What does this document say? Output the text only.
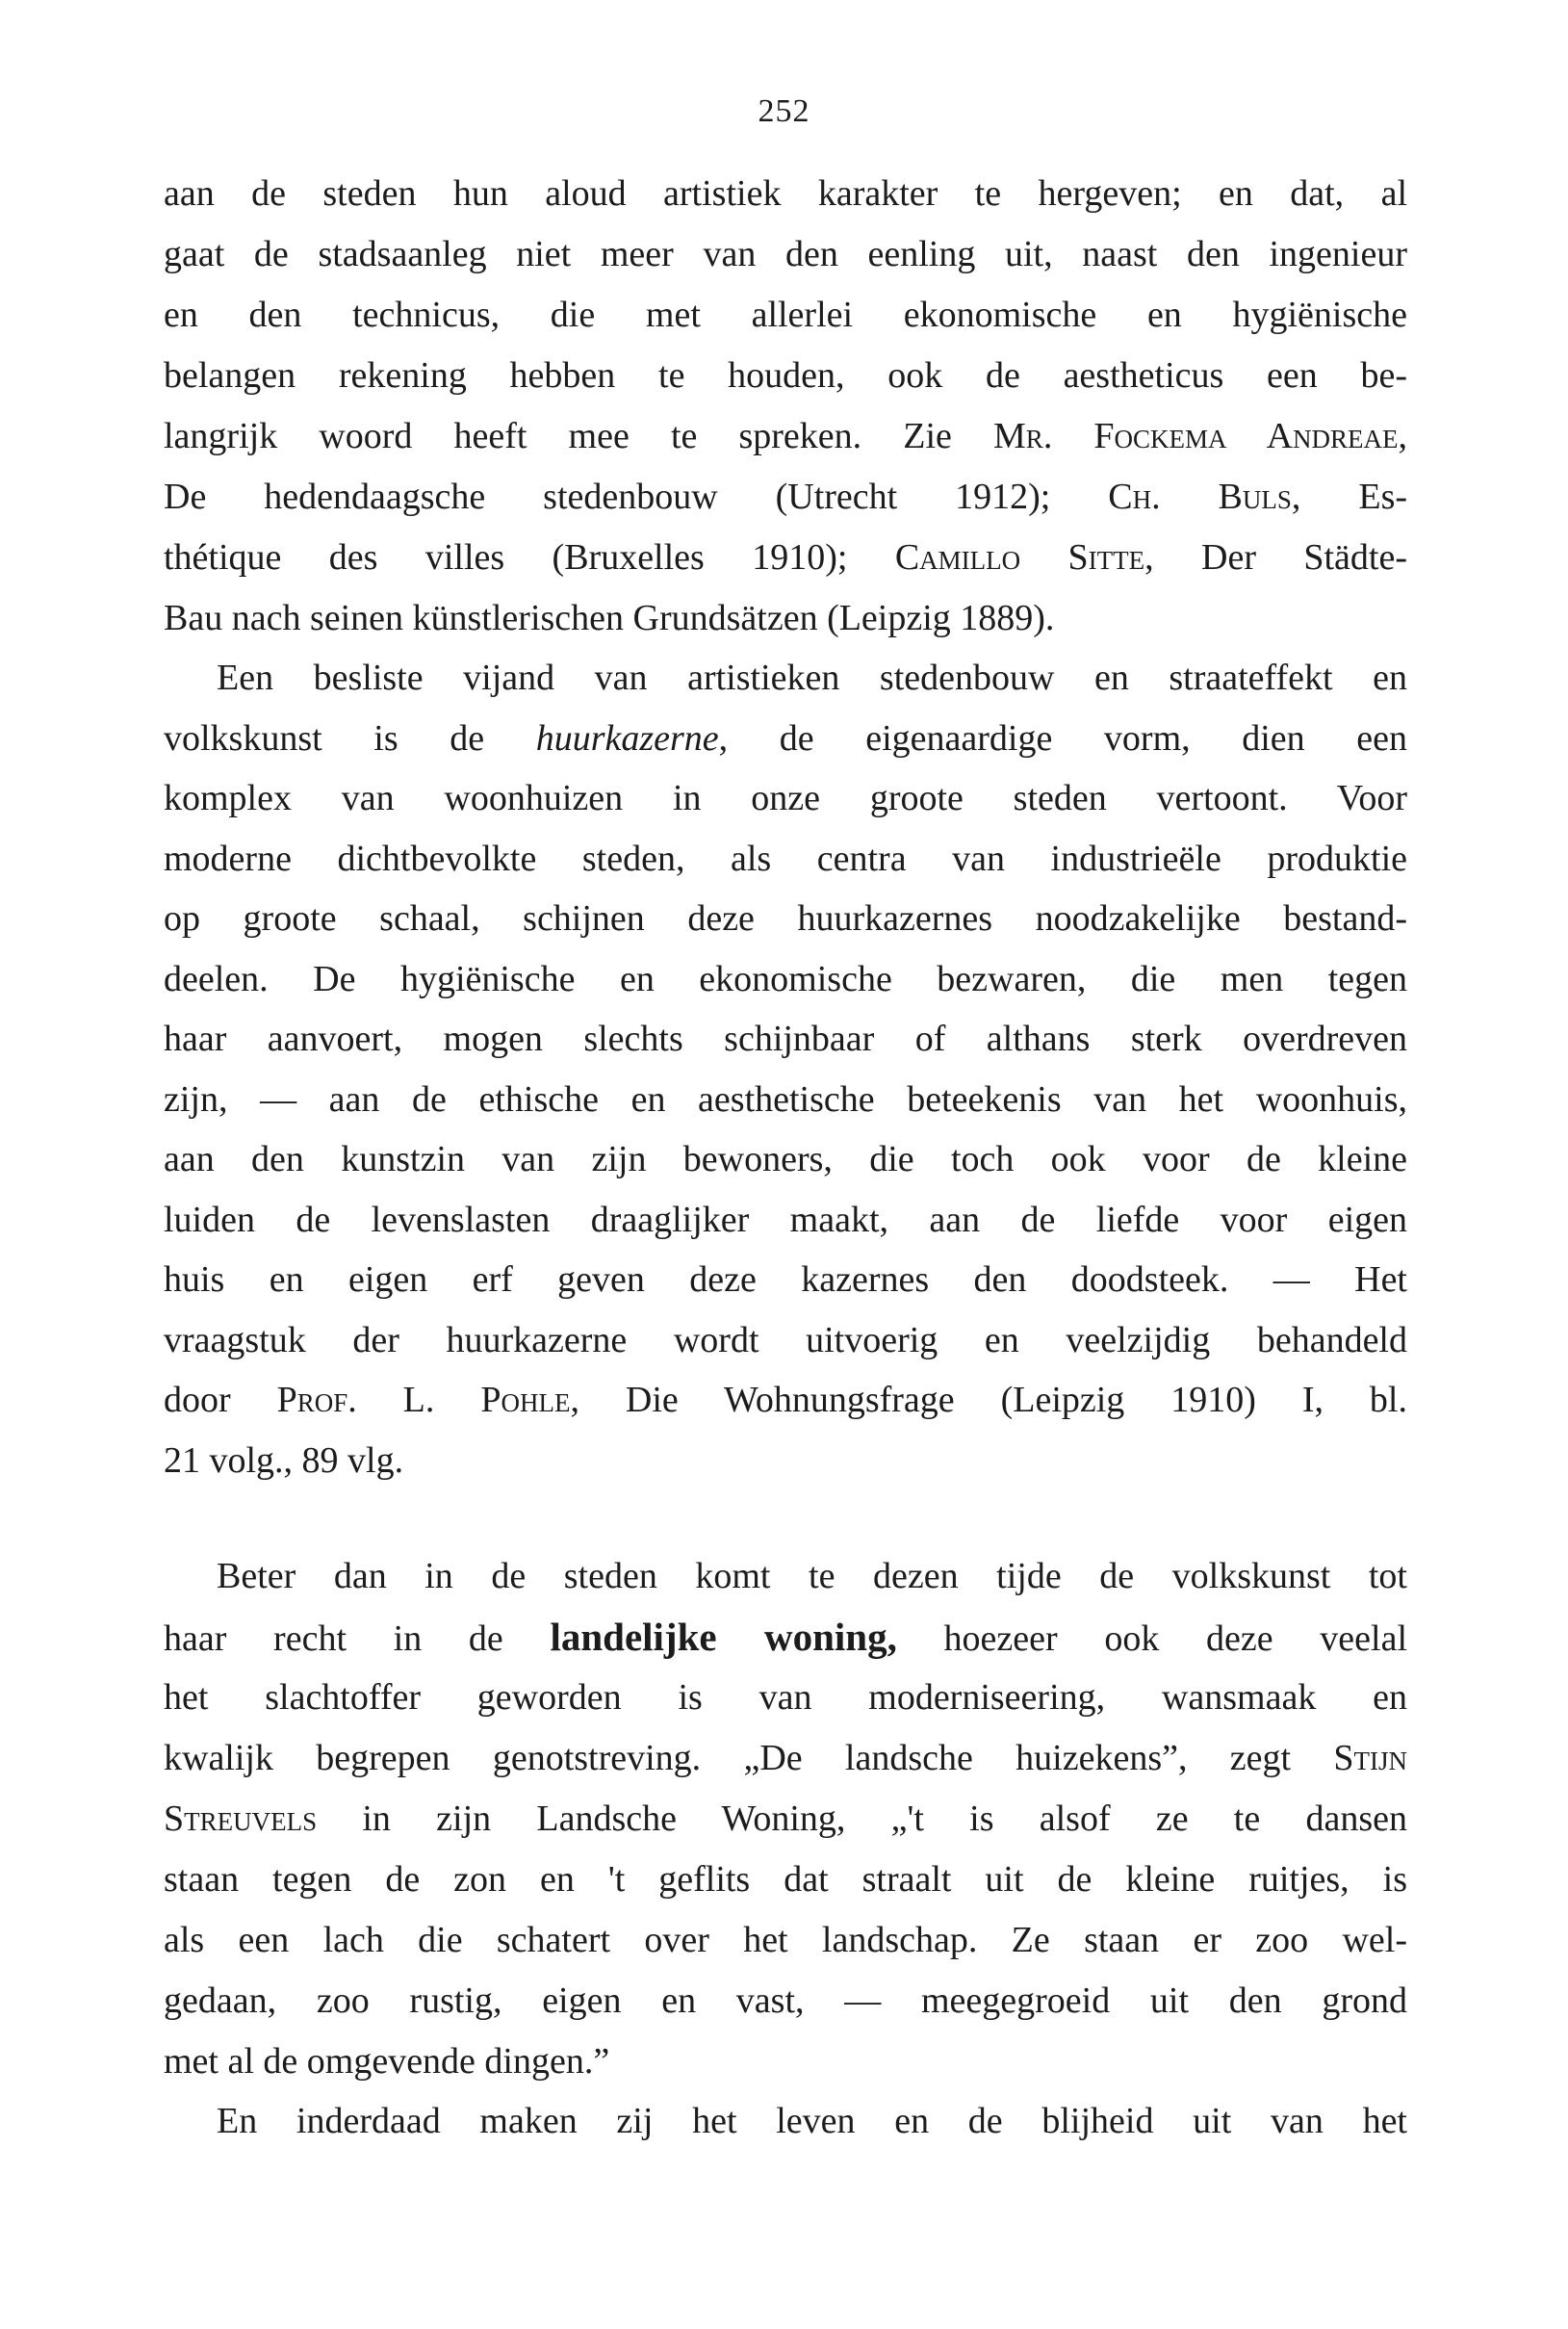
252
aan de steden hun aloud artistiek karakter te hergeven; en dat, al
gaat de stadsaanleg niet meer van den eenling uit, naast den ingenieur
en den technicus, die met allerlei ekonomische en hygiënische
belangen rekening hebben te houden, ook de aestheticus een be-
langrijk woord heeft mee te spreken. Zie Mr. Fockema Andreae,
De hedendaagsche stedenbouw (Utrecht 1912); Ch. Buls, Es-
thétique des villes (Bruxelles 1910); Camillo Sitte, Der Städte-
Bau nach seinen künstlerischen Grundsätzen (Leipzig 1889).
Een besliste vijand van artistieken stedenbouw en straateffekt en
volkskunst is de huurkazerne, de eigenaardige vorm, dien een
komplex van woonhuizen in onze groote steden vertoont. Voor
moderne dichtbevolkte steden, als centra van industrieële produktie
op groote schaal, schijnen deze huurkazernes noodzakelijke bestand-
deelen. De hygiënische en ekonomische bezwaren, die men tegen
haar aanvoert, mogen slechts schijnbaar of althans sterk overdreven
zijn, — aan de ethische en aesthetische beteekenis van het woonhuis,
aan den kunstzin van zijn bewoners, die toch ook voor de kleine
luiden de levenslasten draaglijker maakt, aan de liefde voor eigen
huis en eigen erf geven deze kazernes den doodsteek. — Het
vraagstuk der huurkazerne wordt uitvoerig en veelzijdig behandeld
door Prof. L. Pohle, Die Wohnungsfrage (Leipzig 1910) I, bl.
21 volg., 89 vlg.
Beter dan in de steden komt te dezen tijde de volkskunst tot
haar recht in de landelijke woning, hoezeer ook deze veelal
het slachtoffer geworden is van moderniseering, wansmaak en
kwalijk begrepen genotstreving. „De landsche huizekens”, zegt Stijn
Streuvels in zijn Landsche Woning, „'t is alsof ze te dansen
staan tegen de zon en 't geflits dat straalt uit de kleine ruitjes, is
als een lach die schatert over het landschap. Ze staan er zoo wel-
gedaan, zoo rustig, eigen en vast, — meegegroeid uit den grond
met al de omgevende dingen.”
En inderdaad maken zij het leven en de blijheid uit van het
